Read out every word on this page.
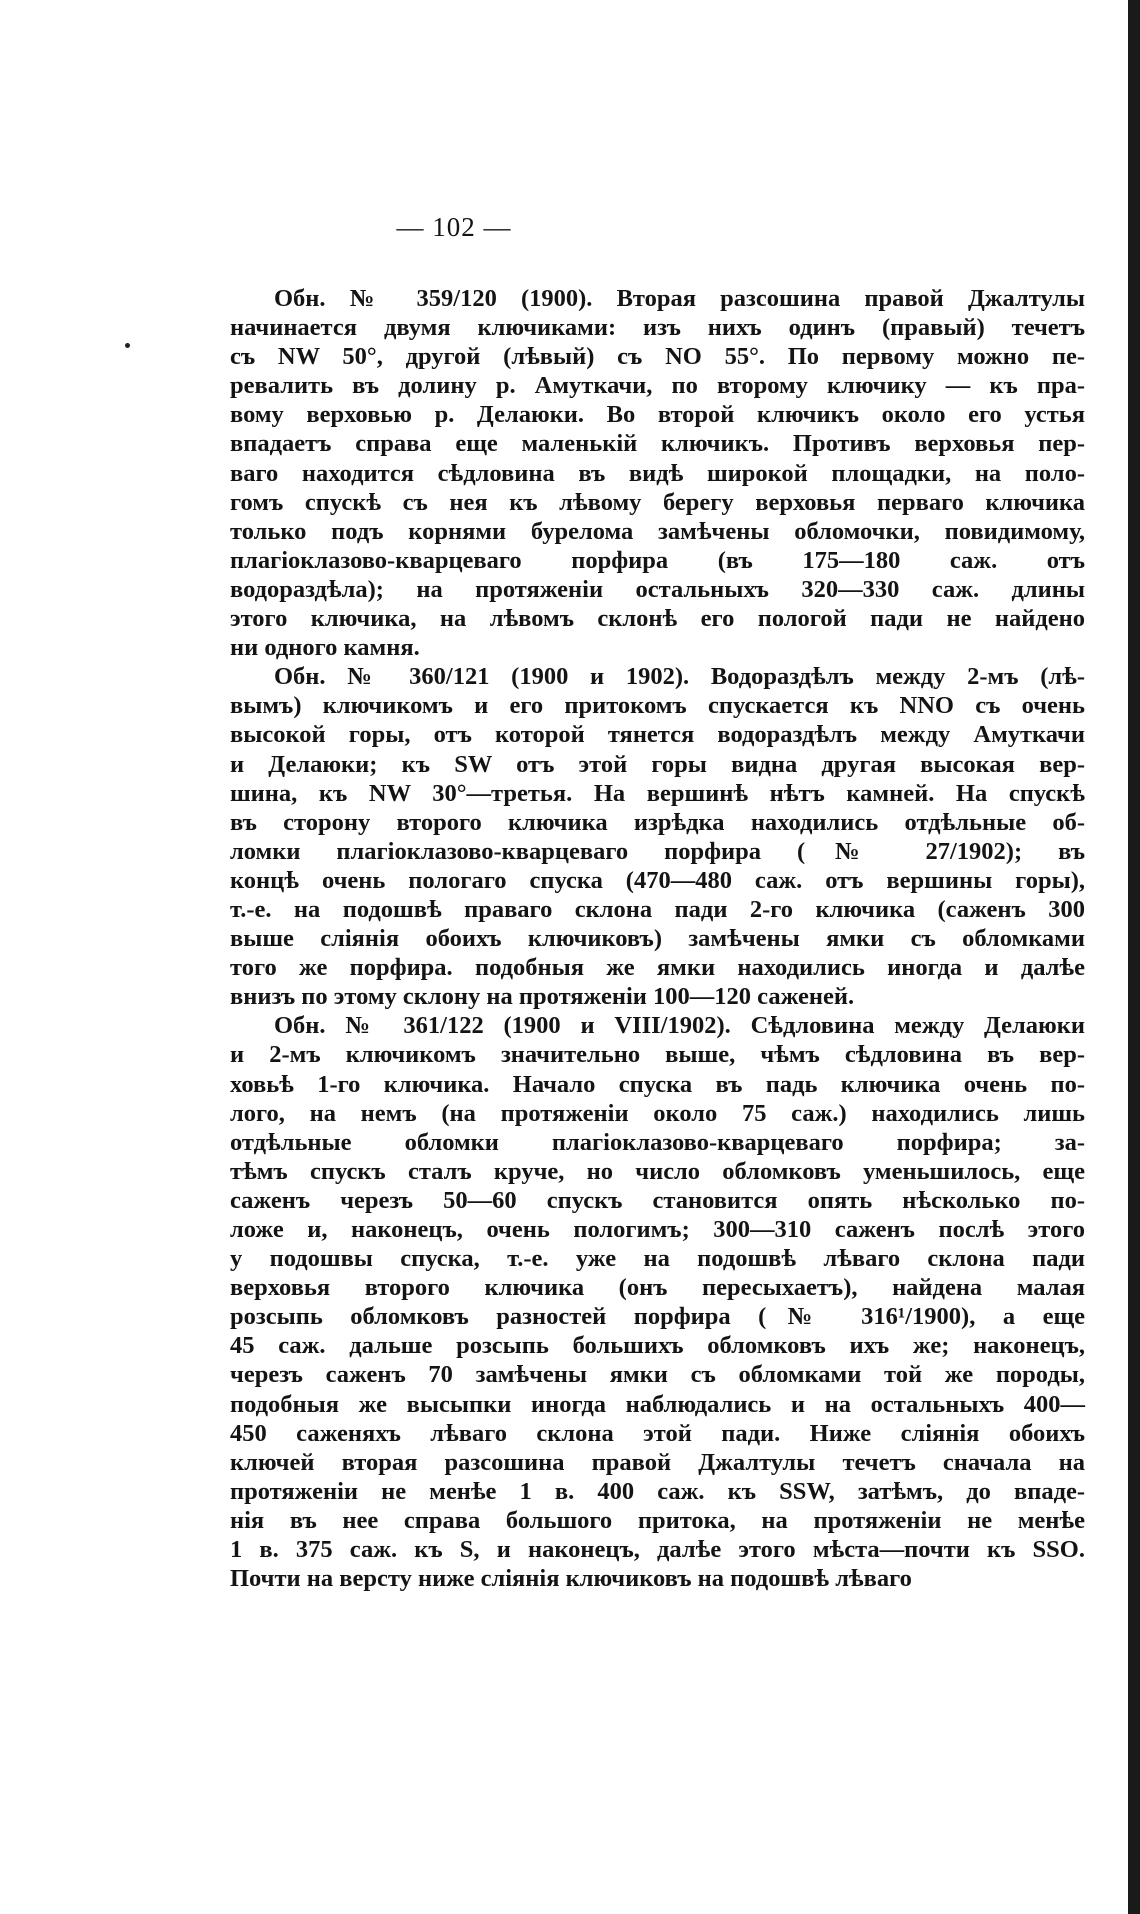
— 102 —
Обн. № 359/120 (1900). Вторая разсошина правой Джалтулы
начинается двумя ключиками: изъ нихъ одинъ (правый) течетъ
съ NW 50°, другой (лѣвый) съ NO 55°. По первому можно пе-
ревалить въ долину р. Амуткачи, по второму ключику — къ пра-
вому верховью р. Делаюки. Во второй ключикъ около его устья
впадаетъ справа еще маленькій ключикъ. Противъ верховья пер-
ваго находится сѣдловина въ видѣ широкой площадки, на поло-
гомъ спускѣ съ нея къ лѣвому берегу верховья перваго ключика
только подъ корнями бурелома замѣчены обломочки, повидимому,
плагіоклазово-кварцеваго порфира (въ 175—180 саж. отъ
водораздѣла); на протяженіи остальныхъ 320—330 саж. длины
этого ключика, на лѣвомъ склонѣ его пологой пади не найдено
ни одного камня.
Обн. № 360/121 (1900 и 1902). Водораздѣлъ между 2-мъ (лѣ-
вымъ) ключикомъ и его притокомъ спускается къ NNO съ очень
высокой горы, отъ которой тянется водораздѣлъ между Амуткачи
и Делаюки; къ SW отъ этой горы видна другая высокая вер-
шина, къ NW 30°—третья. На вершинѣ нѣтъ камней. На спускѣ
въ сторону второго ключика изрѣдка находились отдѣльные об-
ломки плагіоклазово-кварцеваго порфира (№ 27/1902); въ
концѣ очень пологаго спуска (470—480 саж. отъ вершины горы),
т.-е. на подошвѣ праваго склона пади 2-го ключика (саженъ 300
выше сліянія обоихъ ключиковъ) замѣчены ямки съ обломками
того же порфира. подобныя же ямки находились иногда и далѣе
внизъ по этому склону на протяженіи 100—120 саженей.
Обн. № 361/122 (1900 и VIII/1902). Сѣдловина между Делаюки
и 2-мъ ключикомъ значительно выше, чѣмъ сѣдловина въ вер-
ховьѣ 1-го ключика. Начало спуска въ падь ключика очень по-
лого, на немъ (на протяженіи около 75 саж.) находились лишь
отдѣльные обломки плагіоклазово-кварцеваго порфира; за-
тѣмъ спускъ сталъ круче, но число обломковъ уменьшилось, еще
саженъ черезъ 50—60 спускъ становится опять нѣсколько по-
ложе и, наконецъ, очень пологимъ; 300—310 саженъ послѣ этого
у подошвы спуска, т.-е. уже на подошвѣ лѣваго склона пади
верховья второго ключика (онъ пересыхаетъ), найдена малая
розсыпь обломковъ разностей порфира (№ 316¹/1900), а еще
45 саж. дальше розсыпь большихъ обломковъ ихъ же; наконецъ,
черезъ саженъ 70 замѣчены ямки съ обломками той же породы,
подобныя же высыпки иногда наблюдались и на остальныхъ 400—
450 саженяхъ лѣваго склона этой пади. Ниже сліянія обоихъ
ключей вторая разсошина правой Джалтулы течетъ сначала на
протяженіи не менѣе 1 в. 400 саж. къ SSW, затѣмъ, до впаде-
нія въ нее справа большого притока, на протяженіи не менѣе
1 в. 375 саж. къ S, и наконецъ, далѣе этого мѣста—почти къ SSO.
Почти на версту ниже сліянія ключиковъ на подошвѣ лѣваго
